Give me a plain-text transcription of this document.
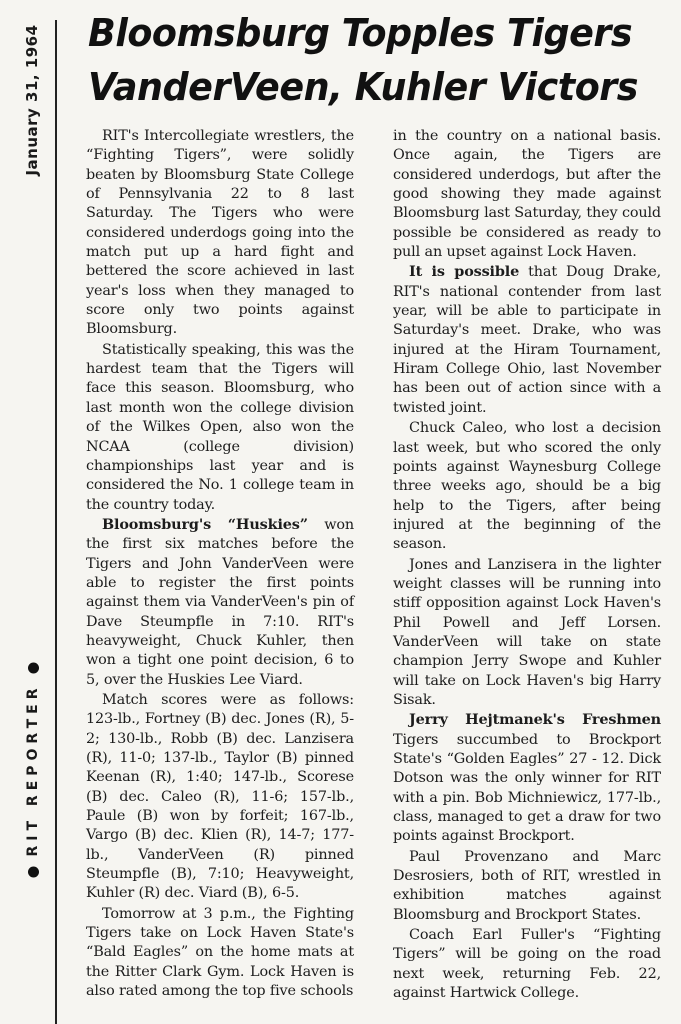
January 31, 1964
RIT REPORTER
Bloomsburg Topples Tigers
VanderVeen, Kuhler Victors

RIT's Intercollegiate wrestlers, the “Fighting Tigers”, were solidly beaten by Bloomsburg State College of Pennsylvania 22 to 8 last Saturday. The Tigers who were considered underdogs going into the match put up a hard fight and bettered the score achieved in last year's loss when they managed to score only two points against Bloomsburg.

Statistically speaking, this was the hardest team that the Tigers will face this season. Bloomsburg, who last month won the college division of the Wilkes Open, also won the NCAA (college division) championships last year and is considered the No. 1 college team in the country today.

Bloomsburg's “Huskies” won the first six matches before the Tigers and John VanderVeen were able to register the first points against them via VanderVeen's pin of Dave Steumpfle in 7:10. RIT's heavyweight, Chuck Kuhler, then won a tight one point decision, 6 to 5, over the Huskies Lee Viard.

Match scores were as follows: 123-lb., Fortney (B) dec. Jones (R), 5-2; 130-lb., Robb (B) dec. Lanzisera (R), 11-0; 137-lb., Taylor (B) pinned Keenan (R), 1:40; 147-lb., Scorese (B) dec. Caleo (R), 11-6; 157-lb., Paule (B) won by forfeit; 167-lb., Vargo (B) dec. Klien (R), 14-7; 177-lb., VanderVeen (R) pinned Steumpfle (B), 7:10; Heavyweight, Kuhler (R) dec. Viard (B), 6-5.

Tomorrow at 3 p.m., the Fighting Tigers take on Lock Haven State's “Bald Eagles” on the home mats at the Ritter Clark Gym. Lock Haven is also rated among the top five schools

in the country on a national basis. Once again, the Tigers are considered underdogs, but after the good showing they made against Bloomsburg last Saturday, they could possible be considered as ready to pull an upset against Lock Haven.

It is possible that Doug Drake, RIT's national contender from last year, will be able to participate in Saturday's meet. Drake, who was injured at the Hiram Tournament, Hiram College Ohio, last November has been out of action since with a twisted joint.

Chuck Caleo, who lost a decision last week, but who scored the only points against Waynesburg College three weeks ago, should be a big help to the Tigers, after being injured at the beginning of the season.

Jones and Lanzisera in the lighter weight classes will be running into stiff opposition against Lock Haven's Phil Powell and Jeff Lorsen. VanderVeen will take on state champion Jerry Swope and Kuhler will take on Lock Haven's big Harry Sisak.

Jerry Hejtmanek's Freshmen Tigers succumbed to Brockport State's “Golden Eagles” 27 - 12. Dick Dotson was the only winner for RIT with a pin. Bob Michniewicz, 177-lb., class, managed to get a draw for two points against Brockport.

Paul Provenzano and Marc Desrosiers, both of RIT, wrestled in exhibition matches against Bloomsburg and Brockport States.

Coach Earl Fuller's “Fighting Tigers” will be going on the road next week, returning Feb. 22, against Hartwick College.
